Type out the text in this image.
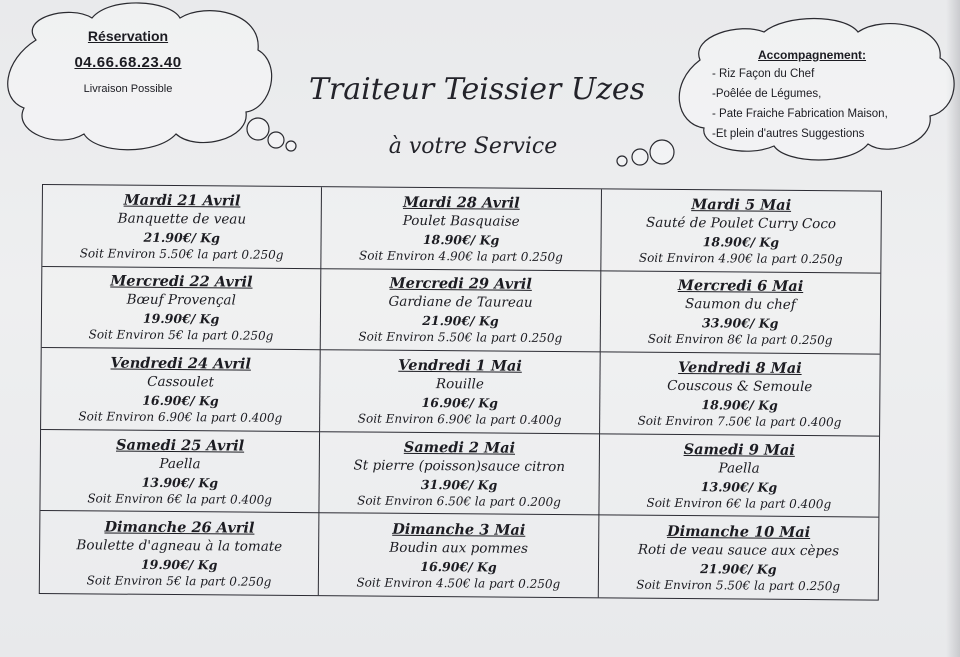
Réservation
04.66.68.23.40
Livraison Possible	Traiteur Teissier Uzes
à votre Service
Accompagnement:
- Riz Façon du Chef
-Poêlée de Légumes,
- Pate Fraiche Fabrication Maison,
-Et plein d'autres Suggestions
Mardi 21 Avril
Banquette de veau
21.90€/ Kg
Soit Environ 5.50€ la part 0.250g
Mardi 28 Avril
Poulet Basquaise
18.90€/ Kg
Soit Environ 4.90€ la part 0.250g
Mardi 5 Mai
Sauté de Poulet Curry Coco
18.90€/ Kg
Soit Environ 4.90€ la part 0.250g
Mercredi 22 Avril
Bœuf Provençal
19.90€/ Kg
Soit Environ 5€ la part 0.250g
Mercredi 29 Avril
Gardiane de Taureau
21.90€/ Kg
Soit Environ 5.50€ la part 0.250g
Mercredi 6 Mai
Saumon du chef
33.90€/ Kg
Soit Environ 8€ la part 0.250g
Vendredi 24 Avril
Cassoulet
16.90€/ Kg
Soit Environ 6.90€ la part 0.400g
Vendredi 1 Mai
Rouille
16.90€/ Kg
Soit Environ 6.90€ la part 0.400g
Vendredi 8 Mai
Couscous & Semoule
18.90€/ Kg
Soit Environ 7.50€ la part 0.400g
Samedi 25 Avril
Paella
13.90€/ Kg
Soit Environ 6€ la part 0.400g
Samedi 2 Mai
St pierre (poisson)sauce citron
31.90€/ Kg
Soit Environ 6.50€ la part 0.200g
Samedi 9 Mai
Paella
13.90€/ Kg
Soit Environ 6€ la part 0.400g
Dimanche 26 Avril
Boulette d'agneau à la tomate
19.90€/ Kg
Soit Environ 5€ la part 0.250g
Dimanche 3 Mai
Boudin aux pommes
16.90€/ Kg
Soit Environ 4.50€ la part 0.250g
Dimanche 10 Mai
Roti de veau sauce aux cèpes
21.90€/ Kg
Soit Environ 5.50€ la part 0.250g
